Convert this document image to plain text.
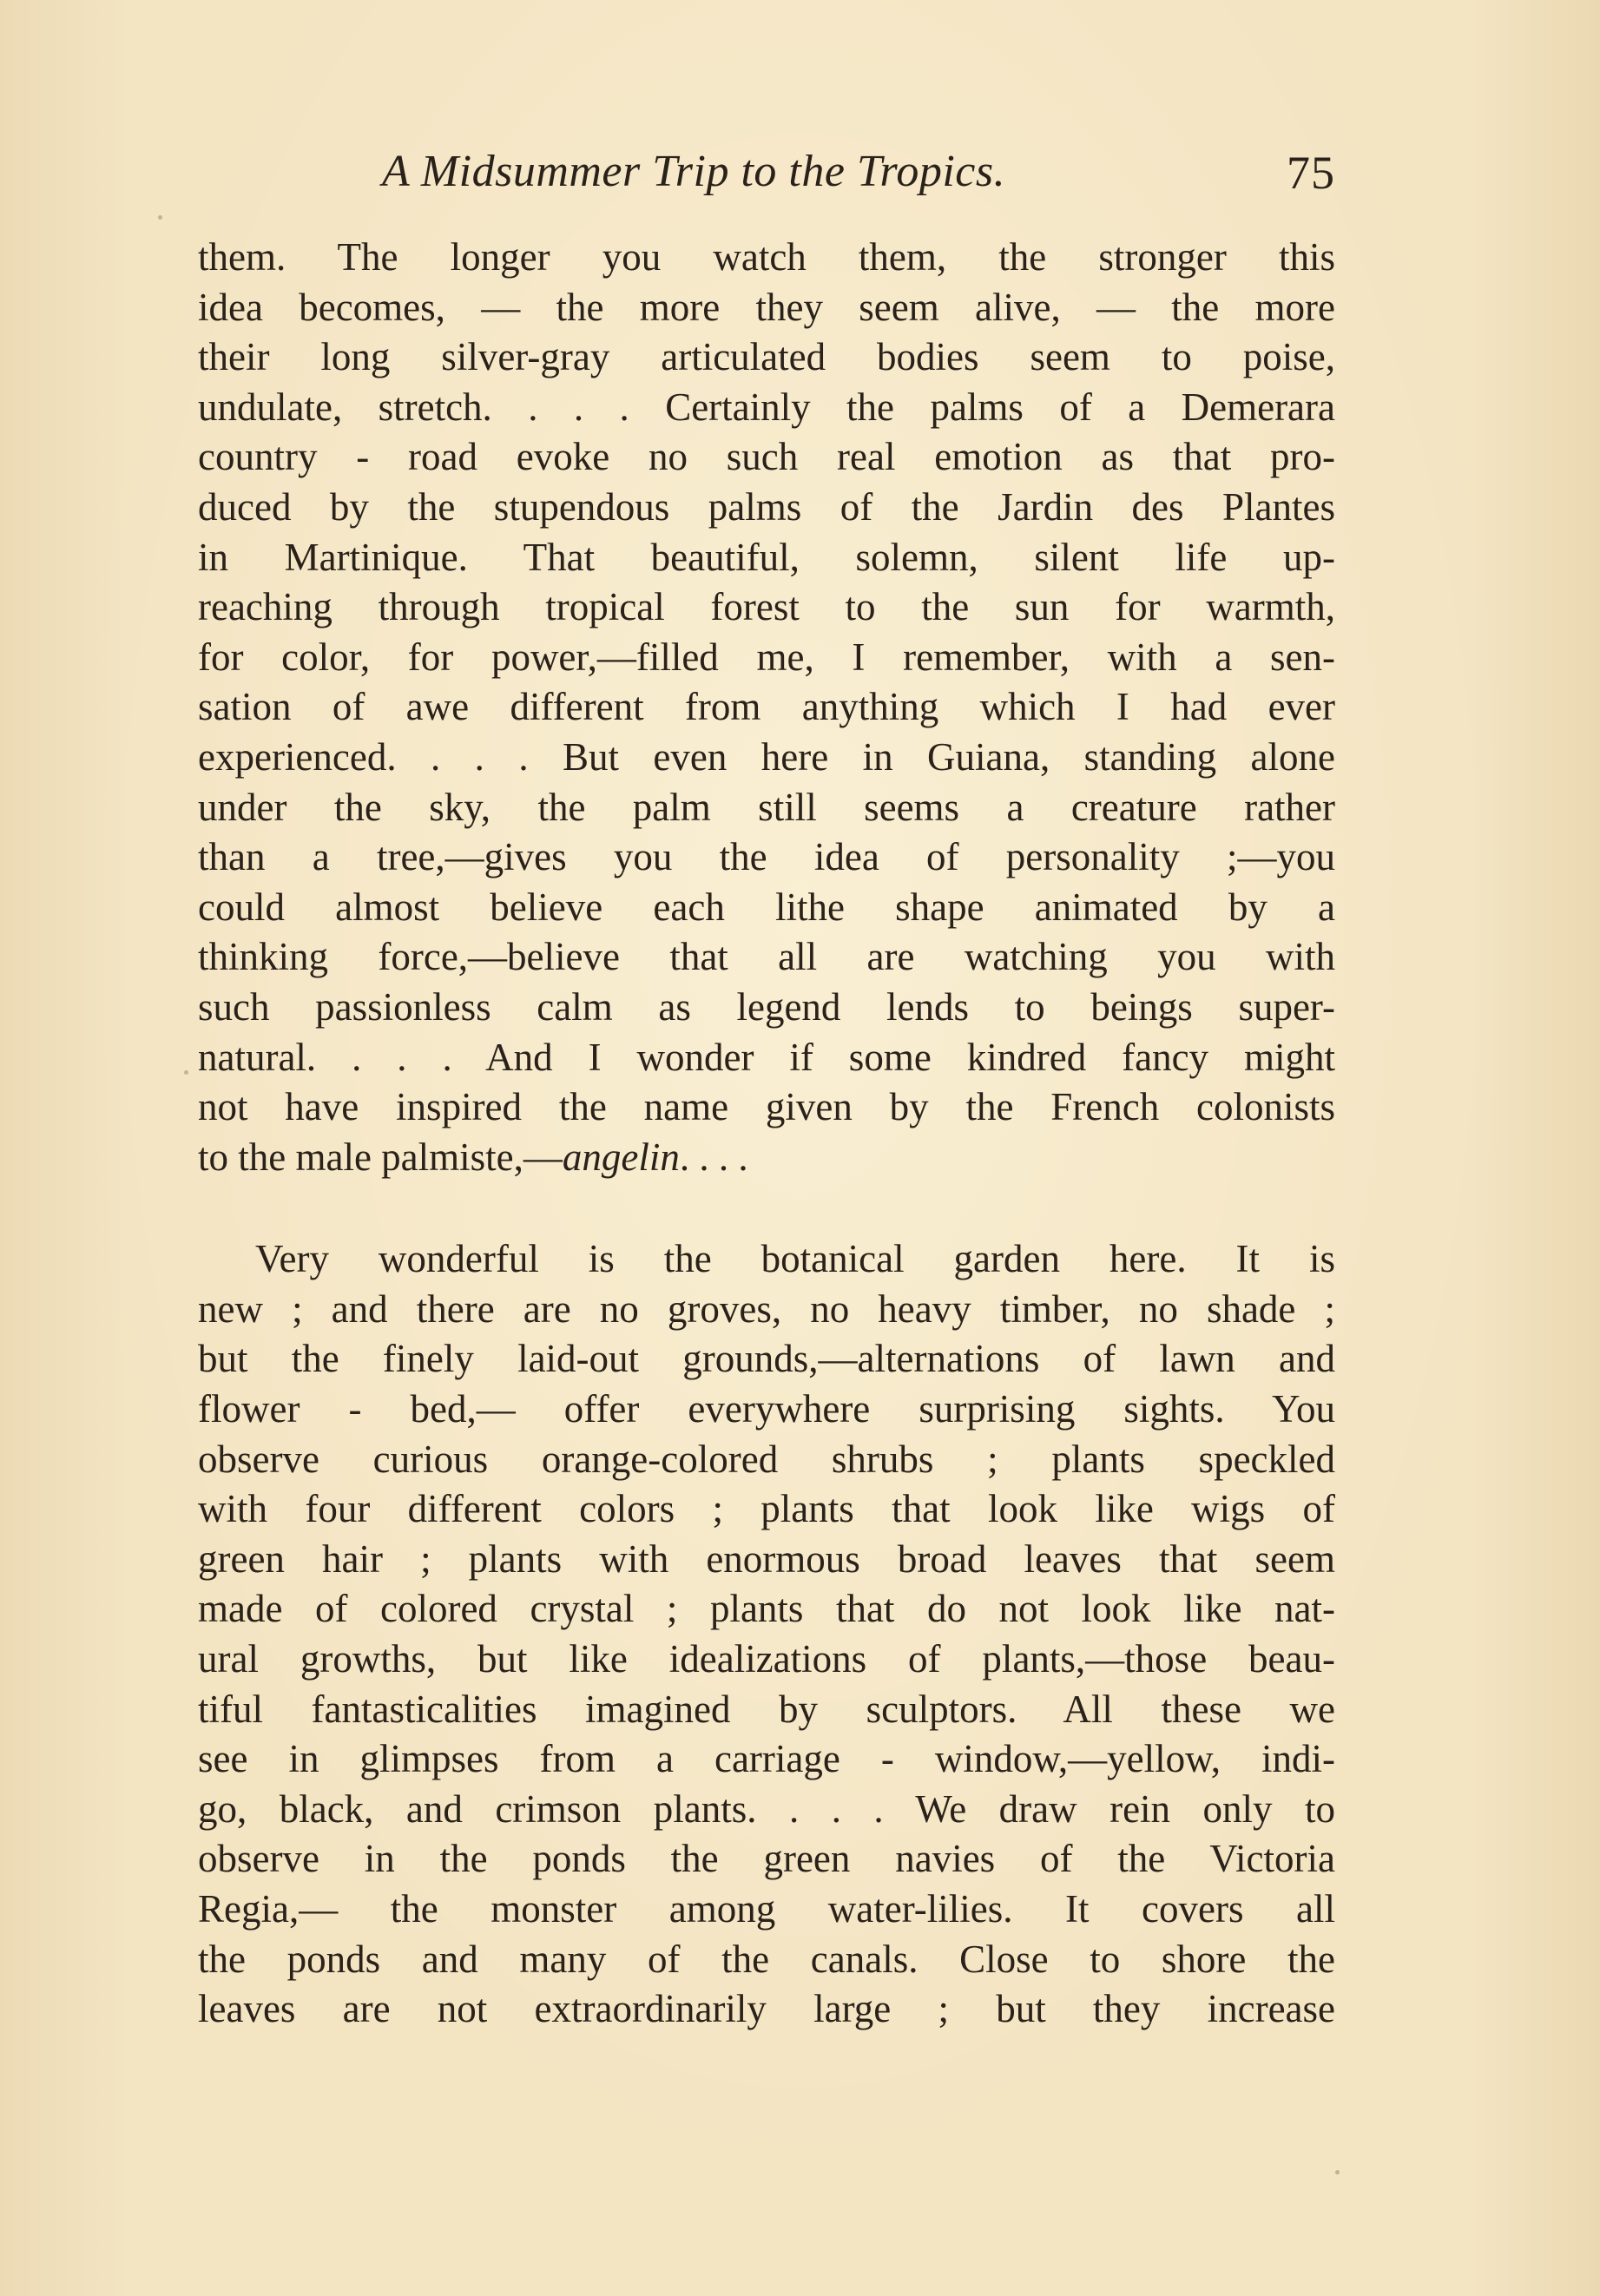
A Midsummer Trip to the Tropics.	75
them. The longer you watch them, the stronger this
idea becomes, — the more they seem alive, — the more
their long silver-gray articulated bodies seem to poise,
undulate, stretch. . . . Certainly the palms of a Demerara
country - road evoke no such real emotion as that pro-
duced by the stupendous palms of the Jardin des Plantes
in Martinique. That beautiful, solemn, silent life up-
reaching through tropical forest to the sun for warmth,
for color, for power,—filled me, I remember, with a sen-
sation of awe different from anything which I had ever
experienced. . . . But even here in Guiana, standing alone
under the sky, the palm still seems a creature rather
than a tree,—gives you the idea of personality ;—you
could almost believe each lithe shape animated by a
thinking force,—believe that all are watching you with
such passionless calm as legend lends to beings super-
natural. . . . And I wonder if some kindred fancy might
not have inspired the name given by the French colonists
to the male palmiste,—angelin. . . .
Very wonderful is the botanical garden here. It is
new ; and there are no groves, no heavy timber, no shade ;
but the finely laid-out grounds,—alternations of lawn and
flower - bed,— offer everywhere surprising sights. You
observe curious orange-colored shrubs ; plants speckled
with four different colors ; plants that look like wigs of
green hair ; plants with enormous broad leaves that seem
made of colored crystal ; plants that do not look like nat-
ural growths, but like idealizations of plants,—those beau-
tiful fantasticalities imagined by sculptors. All these we
see in glimpses from a carriage - window,—yellow, indi-
go, black, and crimson plants. . . . We draw rein only to
observe in the ponds the green navies of the Victoria
Regia,— the monster among water-lilies. It covers all
the ponds and many of the canals. Close to shore the
leaves are not extraordinarily large ; but they increase
